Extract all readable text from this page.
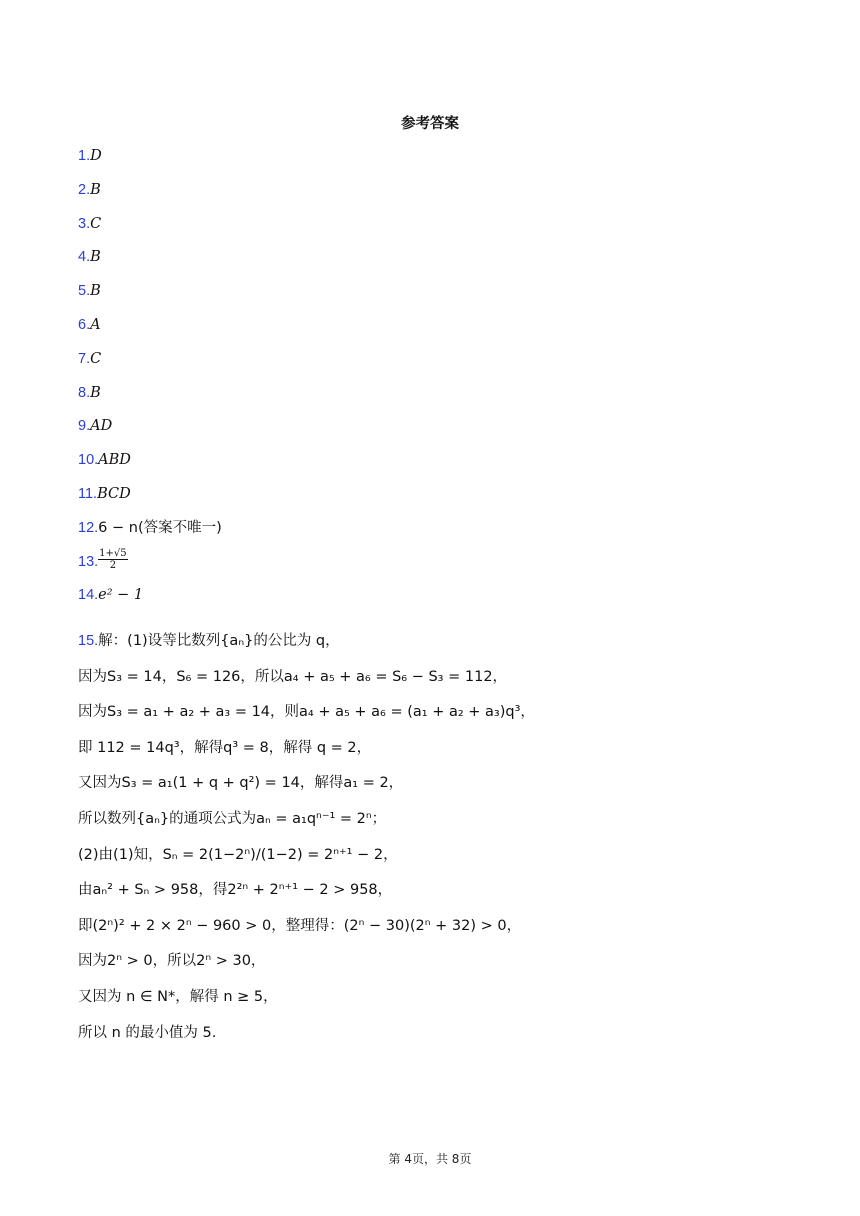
参考答案
1.D
2.B
3.C
4.B
5.B
6.A
7.C
8.B
9.AD
10.ABD
11.BCD
12.6 − n(答案不唯一)
13. $\frac{1+√5}{2}$
14.e² − 1
15.解：(1)设等比数列{aₙ}的公比为 q，
因为S₃ = 14，S₆ = 126，所以a₄ + a₅ + a₆ = S₆ − S₃ = 112，
因为S₃ = a₁ + a₂ + a₃ = 14，则a₄ + a₅ + a₆ = (a₁ + a₂ + a₃)q³，
即 112 = 14q³，解得q³ = 8，解得 q = 2，
又因为S₃ = a₁(1 + q + q²) = 14，解得a₁ = 2，
所以数列{aₙ}的通项公式为aₙ = a₁qⁿ⁻¹ = 2ⁿ；
(2)由(1)知，Sₙ = 2(1−2ⁿ)/(1−2) = 2ⁿ⁺¹ − 2，
由aₙ² + Sₙ > 958，得2²ⁿ + 2ⁿ⁺¹ − 2 > 958，
即(2ⁿ)² + 2 × 2ⁿ − 960 > 0，整理得：(2ⁿ − 30)(2ⁿ + 32) > 0，
因为2ⁿ > 0，所以2ⁿ > 30，
又因为 n ∈ N*，解得 n ≥ 5，
所以 n 的最小值为 5.
第 4页，共 8页
